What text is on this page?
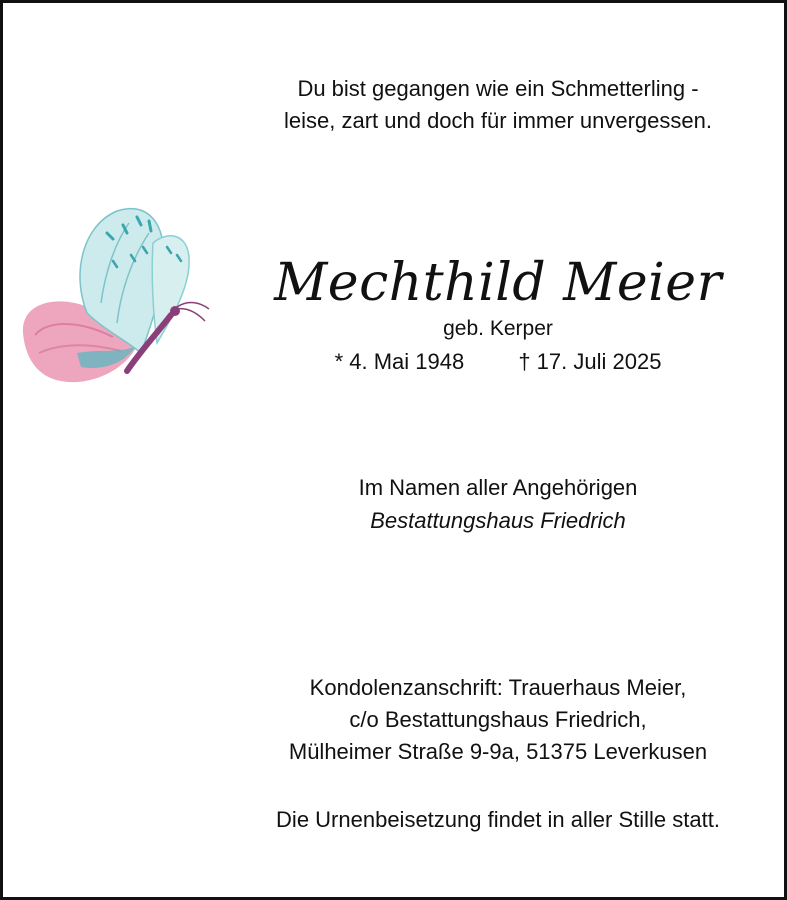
Du bist gegangen wie ein Schmetterling -
leise, zart und doch für immer unvergessen.
Mechthild Meier
geb. Kerper
* 4. Mai 1948 † 17. Juli 2025
Im Namen aller Angehörigen
Bestattungshaus Friedrich
Kondolenzanschrift: Trauerhaus Meier,
c/o Bestattungshaus Friedrich,
Mülheimer Straße 9-9a, 51375 Leverkusen
Die Urnenbeisetzung findet in aller Stille statt.
